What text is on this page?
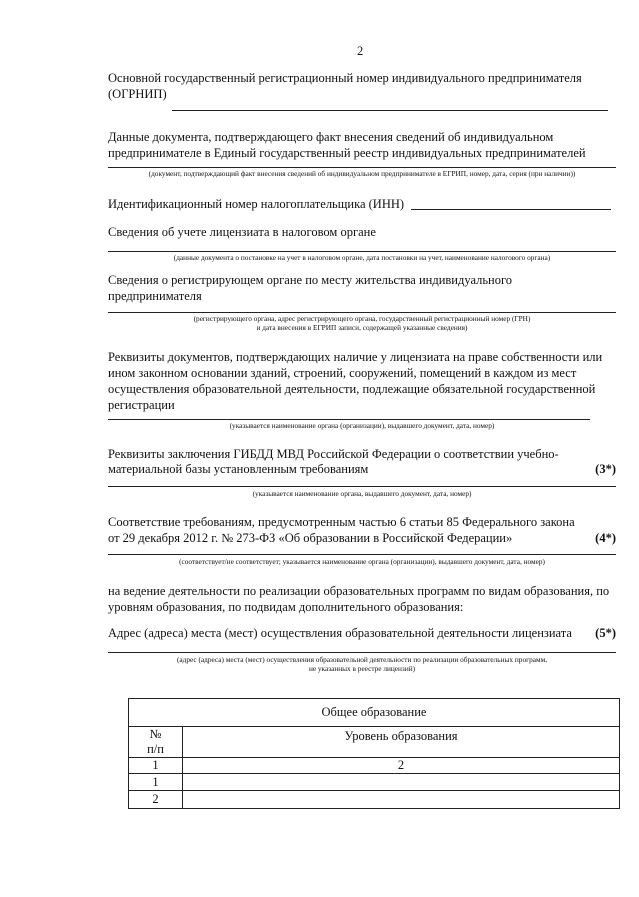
2
Основной государственный регистрационный номер индивидуального предпринимателя
(ОГРНИП)
Данные документа, подтверждающего факт внесения сведений об индивидуальном
предпринимателе в Единый государственный реестр индивидуальных предпринимателей
(документ, подтверждающий факт внесения сведений об индивидуальном предпринимателе в ЕГРИП, номер, дата, серия (при наличии))
Идентификационный номер налогоплательщика (ИНН)
Сведения об учете лицензиата в налоговом органе
(данные документа о постановке на учет в налоговом органе, дата постановки на учет, наименование налогового органа)
Сведения о регистрирующем органе по месту жительства индивидуального
предпринимателя
(регистрирующего органа, адрес регистрирующего органа, государственный регистрационный номер (ГРН)
и дата внесения в ЕГРИП записи, содержащей указанные сведения)
Реквизиты документов, подтверждающих наличие у лицензиата на праве собственности или
ином законном основании зданий, строений, сооружений, помещений в каждом из мест
осуществления образовательной деятельности, подлежащие обязательной государственной
регистрации
(указывается наименование органа (организации), выдавшего документ, дата, номер)
Реквизиты заключения ГИБДД МВД Российской Федерации о соответствии учебно-
материальной базы установленным требованиям	(3*)
(указывается наименование органа, выдавшего документ, дата, номер)
Соответствие требованиям, предусмотренным частью 6 статьи 85 Федерального закона
от 29 декабря 2012 г. № 273-ФЗ «Об образовании в Российской Федерации»	(4*)
(соответствует/не соответствует; указывается наименование органа (организации), выдавшего документ, дата, номер)
на ведение деятельности по реализации образовательных программ по видам образования, по
уровням образования, по подвидам дополнительного образования:
Адрес (адреса) места (мест) осуществления образовательной деятельности лицензиата (5*)
(адрес (адреса) места (мест) осуществления образовательной деятельности по реализации образовательных программ,
не указанных в реестре лицензий)
Общее образование	

№
п/п	Уровень образования
1	2
1	
2	
